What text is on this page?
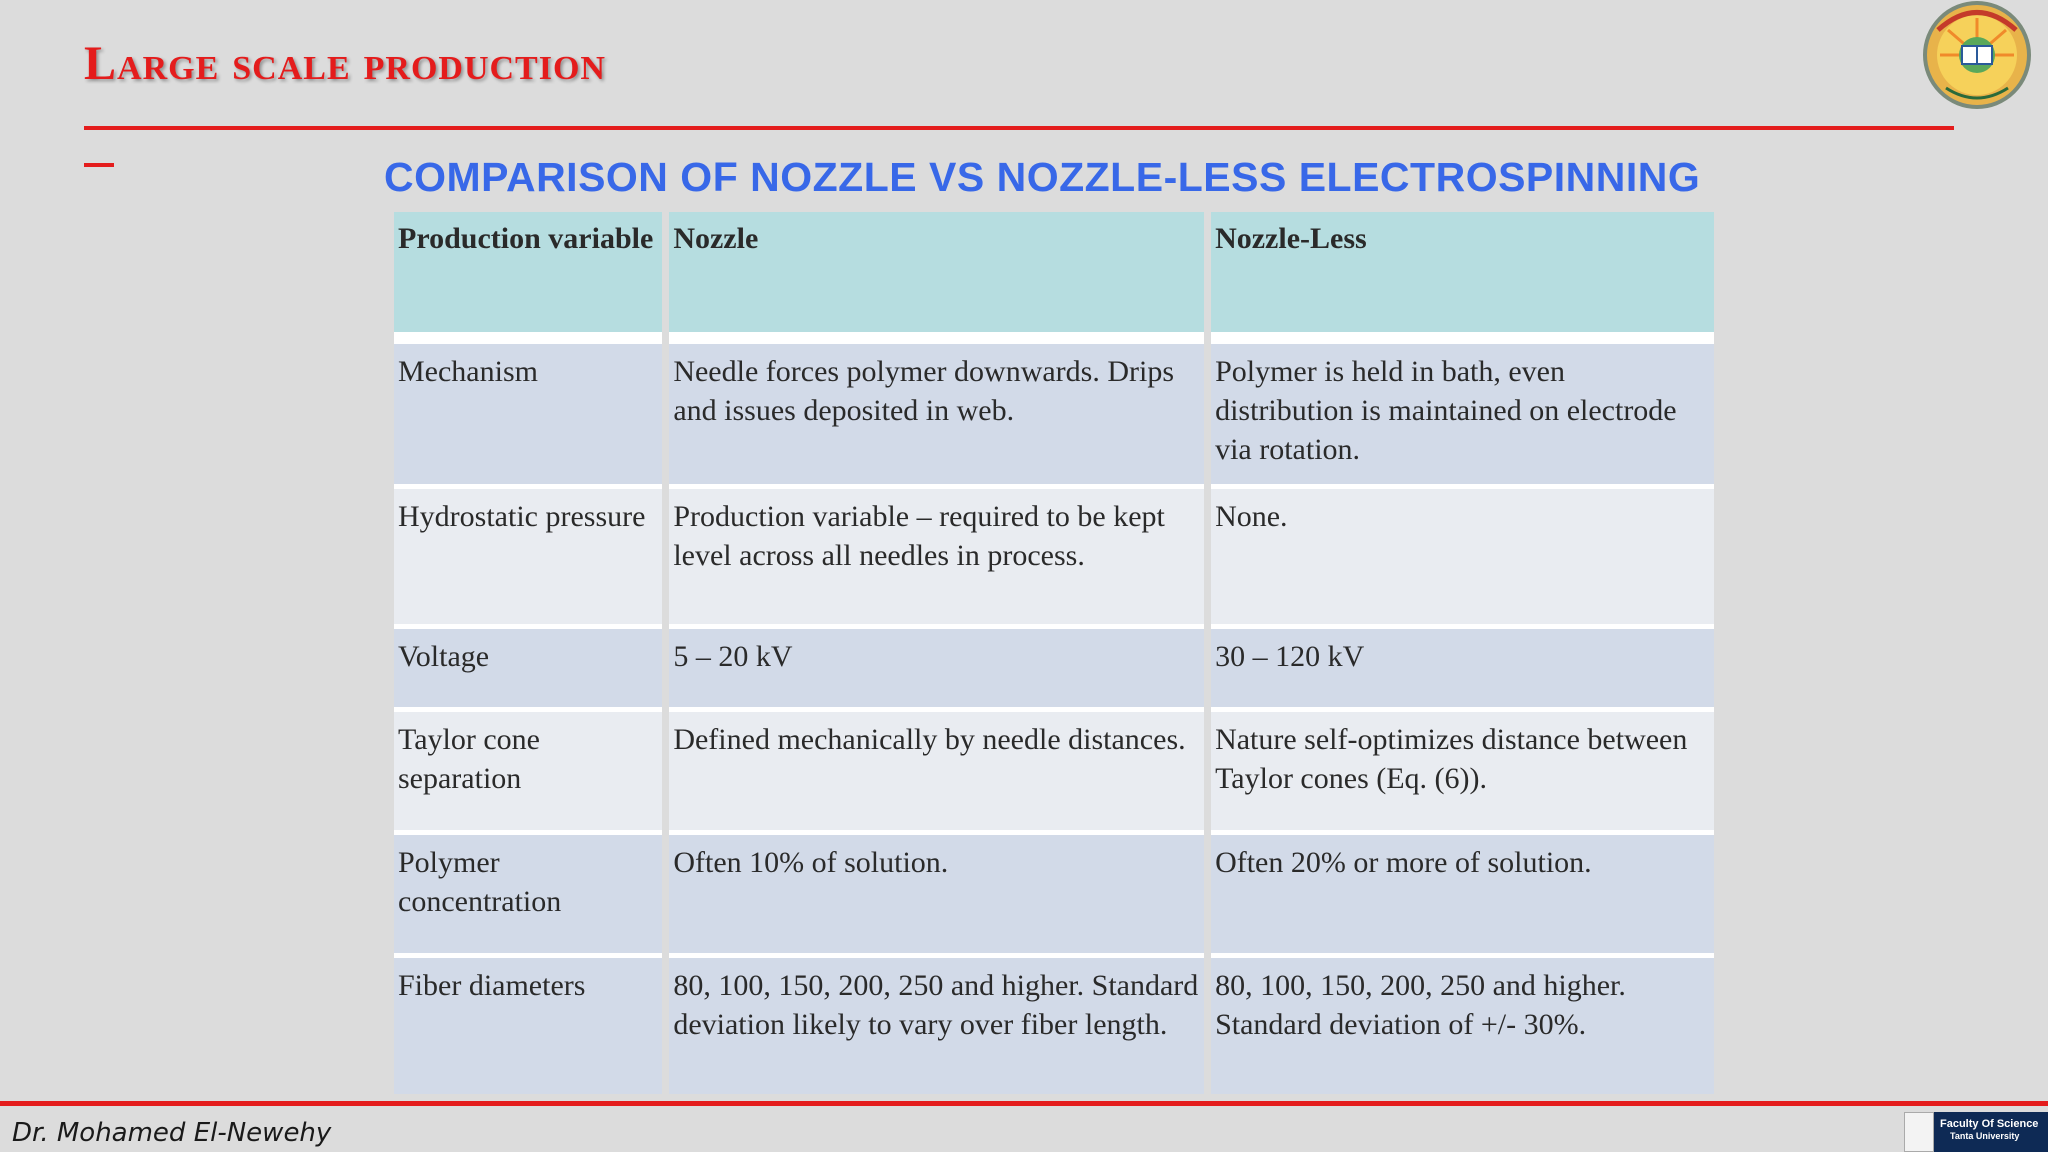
Large scale production
COMPARISON OF NOZZLE VS NOZZLE-LESS ELECTROSPINNING
Production variable	Nozzle	Nozzle-Less

Mechanism	Needle forces polymer downwards. Drips and issues deposited in web.	Polymer is held in bath, even distribution is maintained on electrode via rotation.

Hydrostatic pressure	Production variable – required to be kept level across all needles in process.	None.

Voltage	5 – 20 kV	30 – 120 kV

Taylor cone separation	Defined mechanically by needle distances.	Nature self-optimizes distance between Taylor cones (Eq. (6)).

Polymer concentration	Often 10% of solution.	Often 20% or more of solution.

Fiber diameters	80, 100, 150, 200, 250 and higher. Standard deviation likely to vary over fiber length.	80, 100, 150, 200, 250 and higher. Standard deviation of +/- 30%.
Dr. Mohamed El-Newehy	Faculty Of Science
Tanta University
